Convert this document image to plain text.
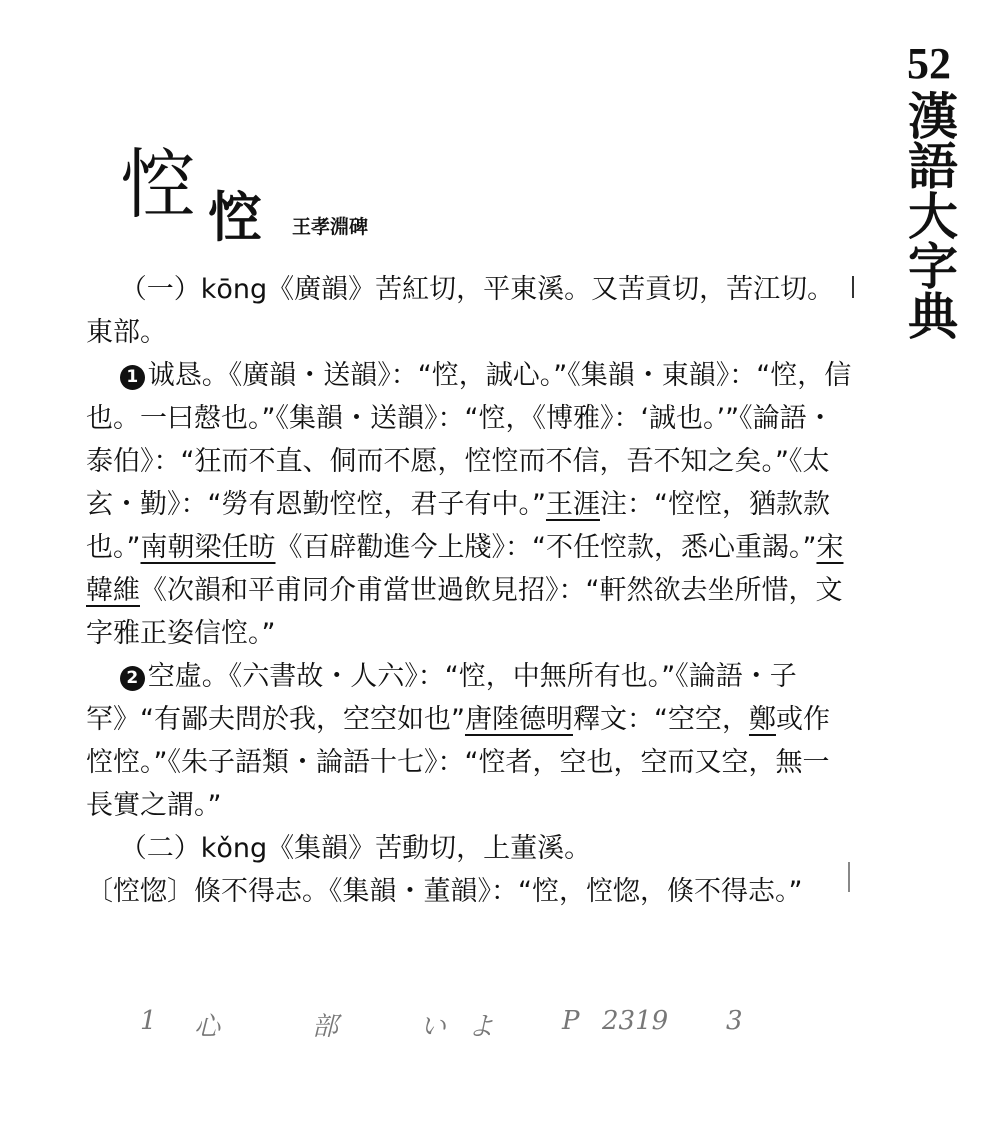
52
漢語大字典
悾 悾 王孝淵碑

（一）kōng《廣韻》苦紅切，平東溪。又苦貢切，苦江切。東部。

1 诚恳。《廣韻・送韻》：“悾，誠心。”《集韻・東韻》：“悾，信也。一曰慤也。”《集韻・送韻》：“悾，《博雅》：‘誠也。’”《論語・泰伯》：“狂而不直、侗而不愿，悾悾而不信，吾不知之矣。”《太玄・勤》：“勞有恩勤悾悾，君子有中。”王涯注：“悾悾，猶款款也。”南朝梁任昉《百辟勸進今上牋》：“不任悾款，悉心重謁。”宋韓維《次韻和平甫同介甫當世過飲見招》：“軒然欲去坐所惜，文字雅正姿信悾。”

2 空虛。《六書故・人六》：“悾，中無所有也。”《論語・子罕》“有鄙夫問於我，空空如也”唐陸德明釋文：“空空，鄭或作悾悾。”《朱子語類・論語十七》：“悾者，空也，空而又空，無一長實之謂。”

（二）kǒng《集韻》苦動切，上董溪。

〔悾惚〕倏不得志。《集韻・董韻》：“悾，悾惚，倏不得志。”

1 心	部	い よ	P 2319 3
